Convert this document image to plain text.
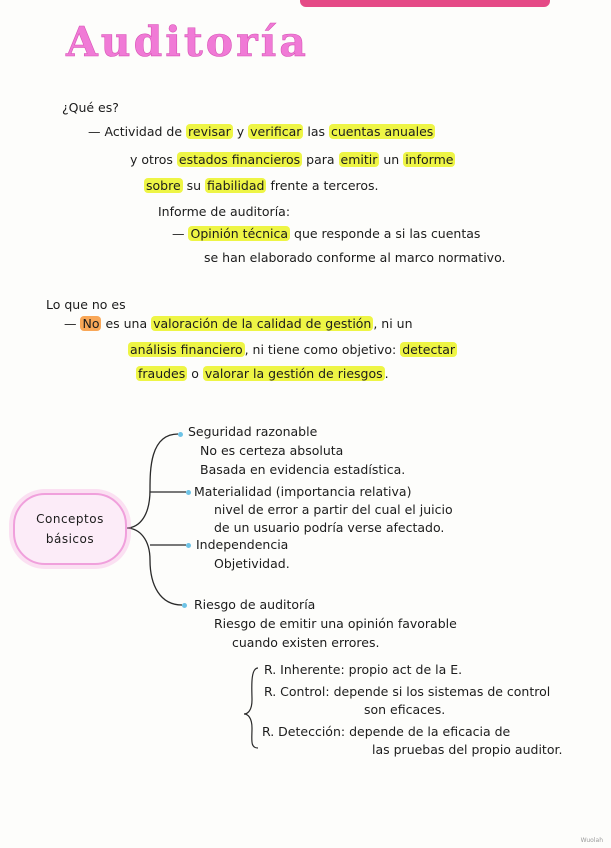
Auditoría
¿Qué es?
— Actividad de revisar y verificar las cuentas anuales
y otros estados financieros para emitir un informe
sobre su fiabilidad frente a terceros.
Informe de auditoría:
— Opinión técnica que responde a si las cuentas
se han elaborado conforme al marco normativo.
Lo que no es
— No es una valoración de la calidad de gestión , ni un
análisis financiero , ni tiene como objetivo: detectar
fraudes o valorar la gestión de riesgos .
Conceptos
básicos
Seguridad razonable
No es certeza absoluta
Basada en evidencia estadística.
Materialidad (importancia relativa)
nivel de error a partir del cual el juicio
de un usuario podría verse afectado.
Independencia
Objetividad.
Riesgo de auditoría
Riesgo de emitir una opinión favorable
cuando existen errores.
R. Inherente: propio act de la E.
R. Control: depende si los sistemas de control
son eficaces.
R. Detección: depende de la eficacia de
las pruebas del propio auditor.
Wuolah
